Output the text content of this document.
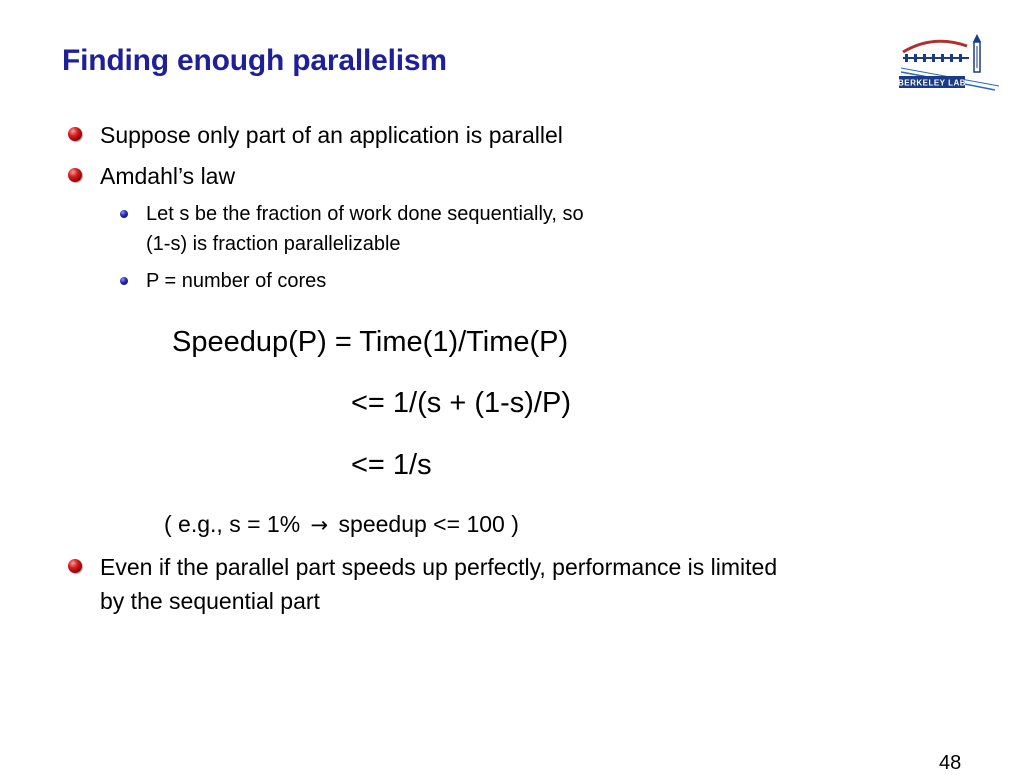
Finding enough parallelism
BERKELEY LAB
Suppose only part of an application is parallel
Amdahl’s law
Let s be the fraction of work done sequentially, so
(1-s) is fraction parallelizable
P = number of cores
Speedup(P) = Time(1)/Time(P)
<= 1/(s + (1-s)/P)
<= 1/s
( e.g., s = 1% → speedup <= 100 )
Even if the parallel part speeds up perfectly, performance is limited
by the sequential part
48
